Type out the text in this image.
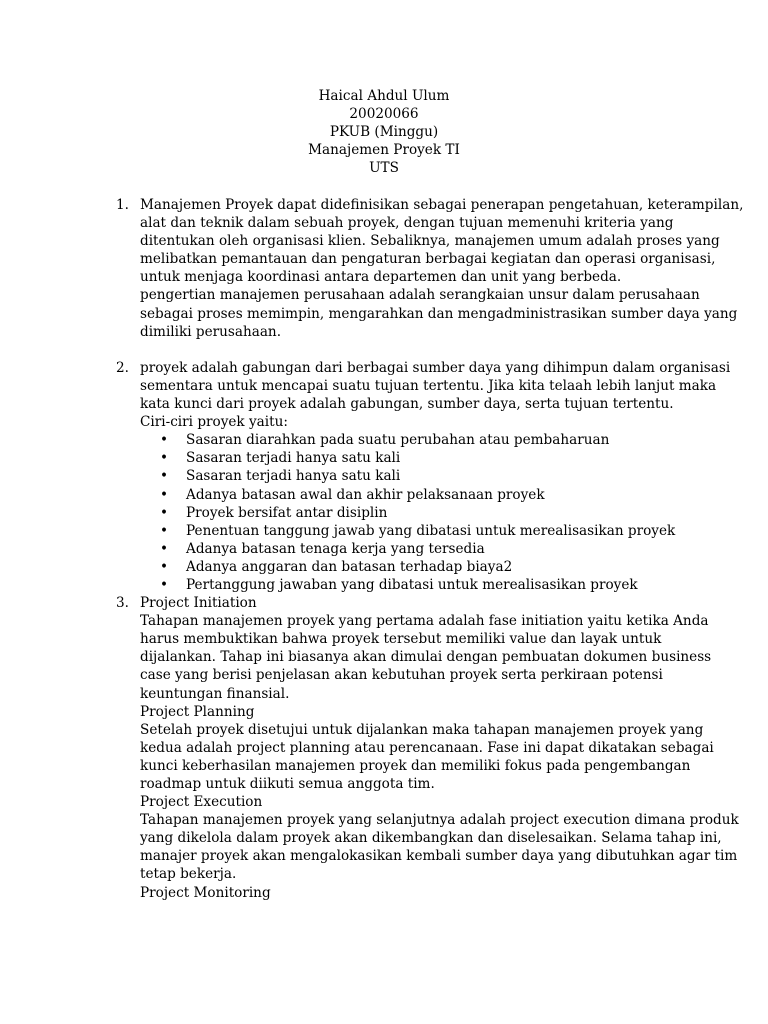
Haical Ahdul Ulum
20020066
PKUB (Minggu)
Manajemen Proyek TI
UTS
1. Manajemen Proyek dapat didefinisikan sebagai penerapan pengetahuan, keterampilan,
alat dan teknik dalam sebuah proyek, dengan tujuan memenuhi kriteria yang
ditentukan oleh organisasi klien. Sebaliknya, manajemen umum adalah proses yang
melibatkan pemantauan dan pengaturan berbagai kegiatan dan operasi organisasi,
untuk menjaga koordinasi antara departemen dan unit yang berbeda.
pengertian manajemen perusahaan adalah serangkaian unsur dalam perusahaan
sebagai proses memimpin, mengarahkan dan mengadministrasikan sumber daya yang
dimiliki perusahaan.
2. proyek adalah gabungan dari berbagai sumber daya yang dihimpun dalam organisasi
sementara untuk mencapai suatu tujuan tertentu. Jika kita telaah lebih lanjut maka
kata kunci dari proyek adalah gabungan, sumber daya, serta tujuan tertentu.
Ciri-ciri proyek yaitu:
• Sasaran diarahkan pada suatu perubahan atau pembaharuan
• Sasaran terjadi hanya satu kali
• Sasaran terjadi hanya satu kali
• Adanya batasan awal dan akhir pelaksanaan proyek
• Proyek bersifat antar disiplin
• Penentuan tanggung jawab yang dibatasi untuk merealisasikan proyek
• Adanya batasan tenaga kerja yang tersedia
• Adanya anggaran dan batasan terhadap biaya2
• Pertanggung jawaban yang dibatasi untuk merealisasikan proyek
3. Project Initiation
Tahapan manajemen proyek yang pertama adalah fase initiation yaitu ketika Anda
harus membuktikan bahwa proyek tersebut memiliki value dan layak untuk
dijalankan. Tahap ini biasanya akan dimulai dengan pembuatan dokumen business
case yang berisi penjelasan akan kebutuhan proyek serta perkiraan potensi
keuntungan finansial.
Project Planning
Setelah proyek disetujui untuk dijalankan maka tahapan manajemen proyek yang
kedua adalah project planning atau perencanaan. Fase ini dapat dikatakan sebagai
kunci keberhasilan manajemen proyek dan memiliki fokus pada pengembangan
roadmap untuk diikuti semua anggota tim.
Project Execution
Tahapan manajemen proyek yang selanjutnya adalah project execution dimana produk
yang dikelola dalam proyek akan dikembangkan dan diselesaikan. Selama tahap ini,
manajer proyek akan mengalokasikan kembali sumber daya yang dibutuhkan agar tim
tetap bekerja.
Project Monitoring
